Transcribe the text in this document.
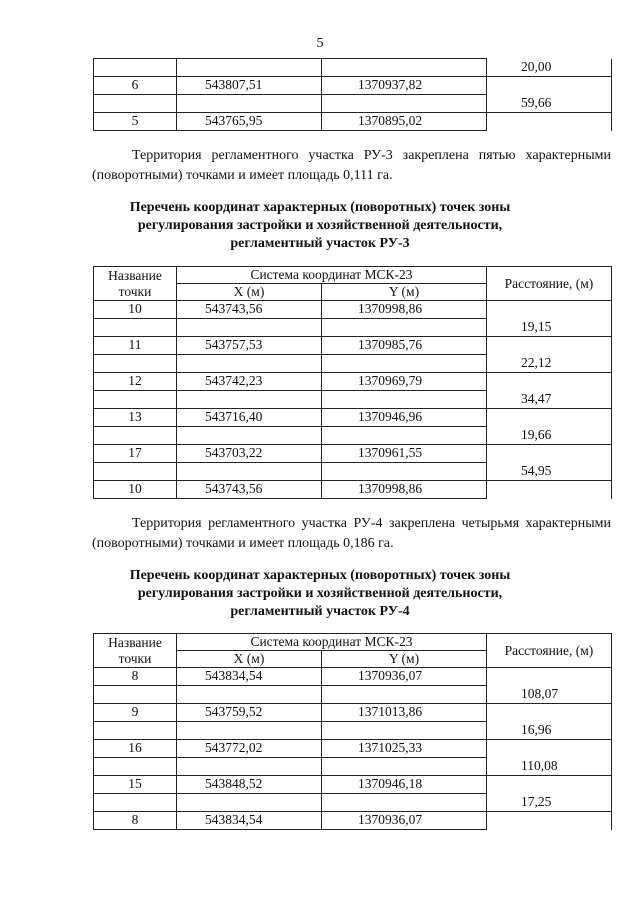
5
			20,00
6	543807,51	1370937,82	
			59,66
5	543765,95	1370895,02	

Территория регламентного участка РУ-3 закреплена пятью характерными (поворотными) точками и имеет площадь 0,111 га.

Перечень координат характерных (поворотных) точек зоны
регулирования застройки и хозяйственной деятельности,
регламентный участок РУ-3
Название точки	Система координат МСК-23		Расстояние, (м)
	X (м)	Y (м)	
10	543743,56	1370998,86	
			19,15
11	543757,53	1370985,76	
			22,12
12	543742,23	1370969,79	
			34,47
13	543716,40	1370946,96	
			19,66
17	543703,22	1370961,55	
			54,95
10	543743,56	1370998,86	

Территория регламентного участка РУ-4 закреплена четырьмя характерными (поворотными) точками и имеет площадь 0,186 га.

Перечень координат характерных (поворотных) точек зоны
регулирования застройки и хозяйственной деятельности,
регламентный участок РУ-4
Название точки	Система координат МСК-23		Расстояние, (м)
	X (м)	Y (м)	
8	543834,54	1370936,07	
			108,07
9	543759,52	1371013,86	
			16,96
16	543772,02	1371025,33	
			110,08
15	543848,52	1370946,18	
			17,25
8	543834,54	1370936,07	
